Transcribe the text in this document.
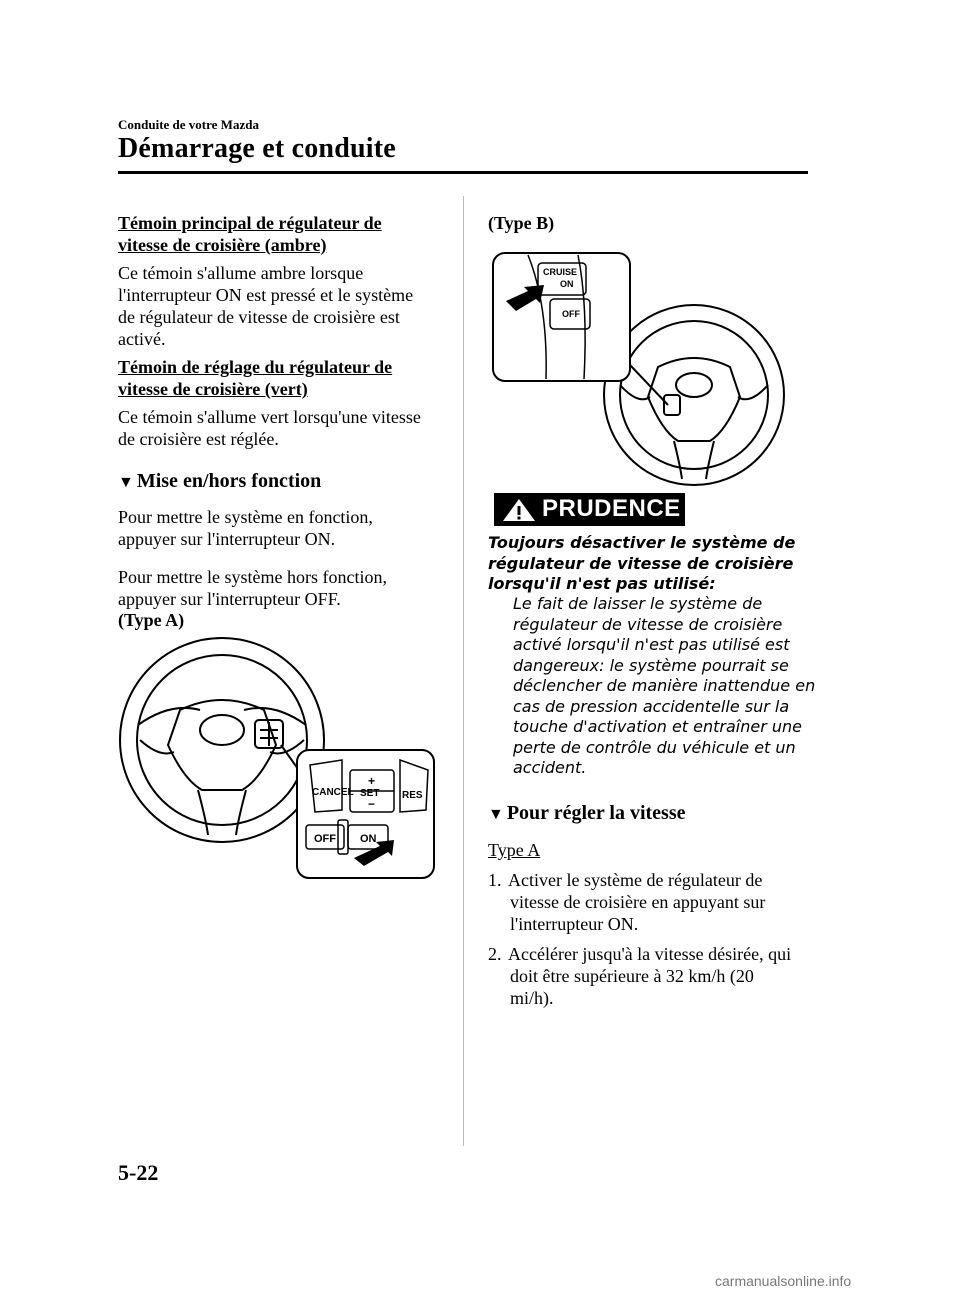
Conduite de votre Mazda
Démarrage et conduite
Témoin principal de régulateur de
vitesse de croisière (ambre)
Ce témoin s'allume ambre lorsque
l'interrupteur ON est pressé et le système
de régulateur de vitesse de croisière est
activé.
Témoin de réglage du régulateur de
vitesse de croisière (vert)
Ce témoin s'allume vert lorsqu'une vitesse
de croisière est réglée.
▼ Mise en/hors fonction
Pour mettre le système en fonction,
appuyer sur l'interrupteur ON.
Pour mettre le système hors fonction,
appuyer sur l'interrupteur OFF.
(Type A)
CANCEL
+
SET
−
RES
OFF ON
(Type B)
CRUISE
ON
OFF
PRUDENCE
Toujours désactiver le système de
régulateur de vitesse de croisière
lorsqu'il n'est pas utilisé:
Le fait de laisser le système de
régulateur de vitesse de croisière
activé lorsqu'il n'est pas utilisé est
dangereux: le système pourrait se
déclencher de manière inattendue en
cas de pression accidentelle sur la
touche d'activation et entraîner une
perte de contrôle du véhicule et un
accident.
▼ Pour régler la vitesse
Type A
1. Activer le système de régulateur de
vitesse de croisière en appuyant sur
l'interrupteur ON.
2. Accélérer jusqu'à la vitesse désirée, qui
doit être supérieure à 32 km/h (20
mi/h).
5-22
carmanualsonline.info
